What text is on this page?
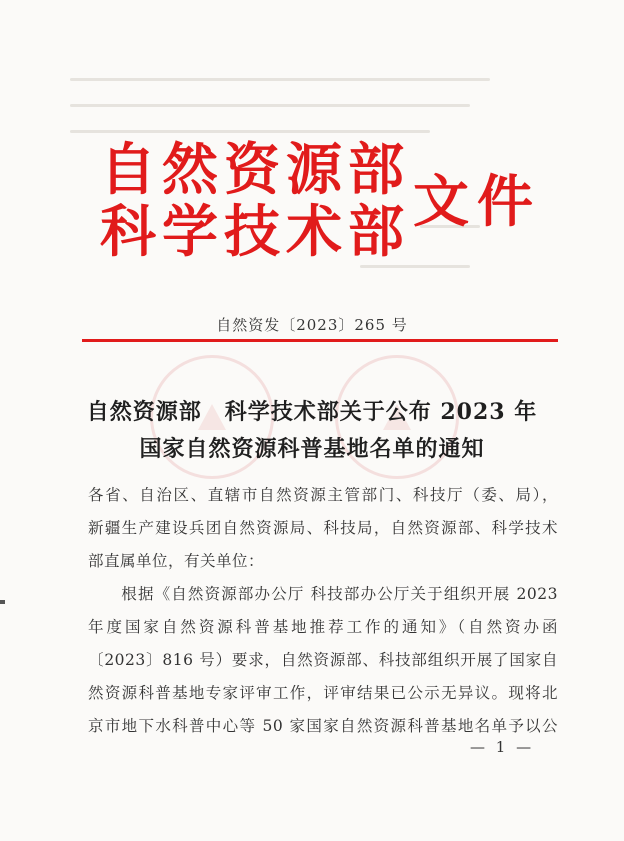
自然资源部
科学技术部 文件
自然资发〔2023〕265 号
自然资源部　科学技术部关于公布 2023 年
国家自然资源科普基地名单的通知
各省、自治区、直辖市自然资源主管部门、科技厅（委、局），
新疆生产建设兵团自然资源局、科技局，自然资源部、科学技术
部直属单位，有关单位：
　　根据《自然资源部办公厅 科技部办公厅关于组织开展 2023
年度国家自然资源科普基地推荐工作的通知》（自然资办函
〔2023〕816 号）要求，自然资源部、科技部组织开展了国家自
然资源科普基地专家评审工作，评审结果已公示无异议。现将北
京市地下水科普中心等 50 家国家自然资源科普基地名单予以公
— 1 —
